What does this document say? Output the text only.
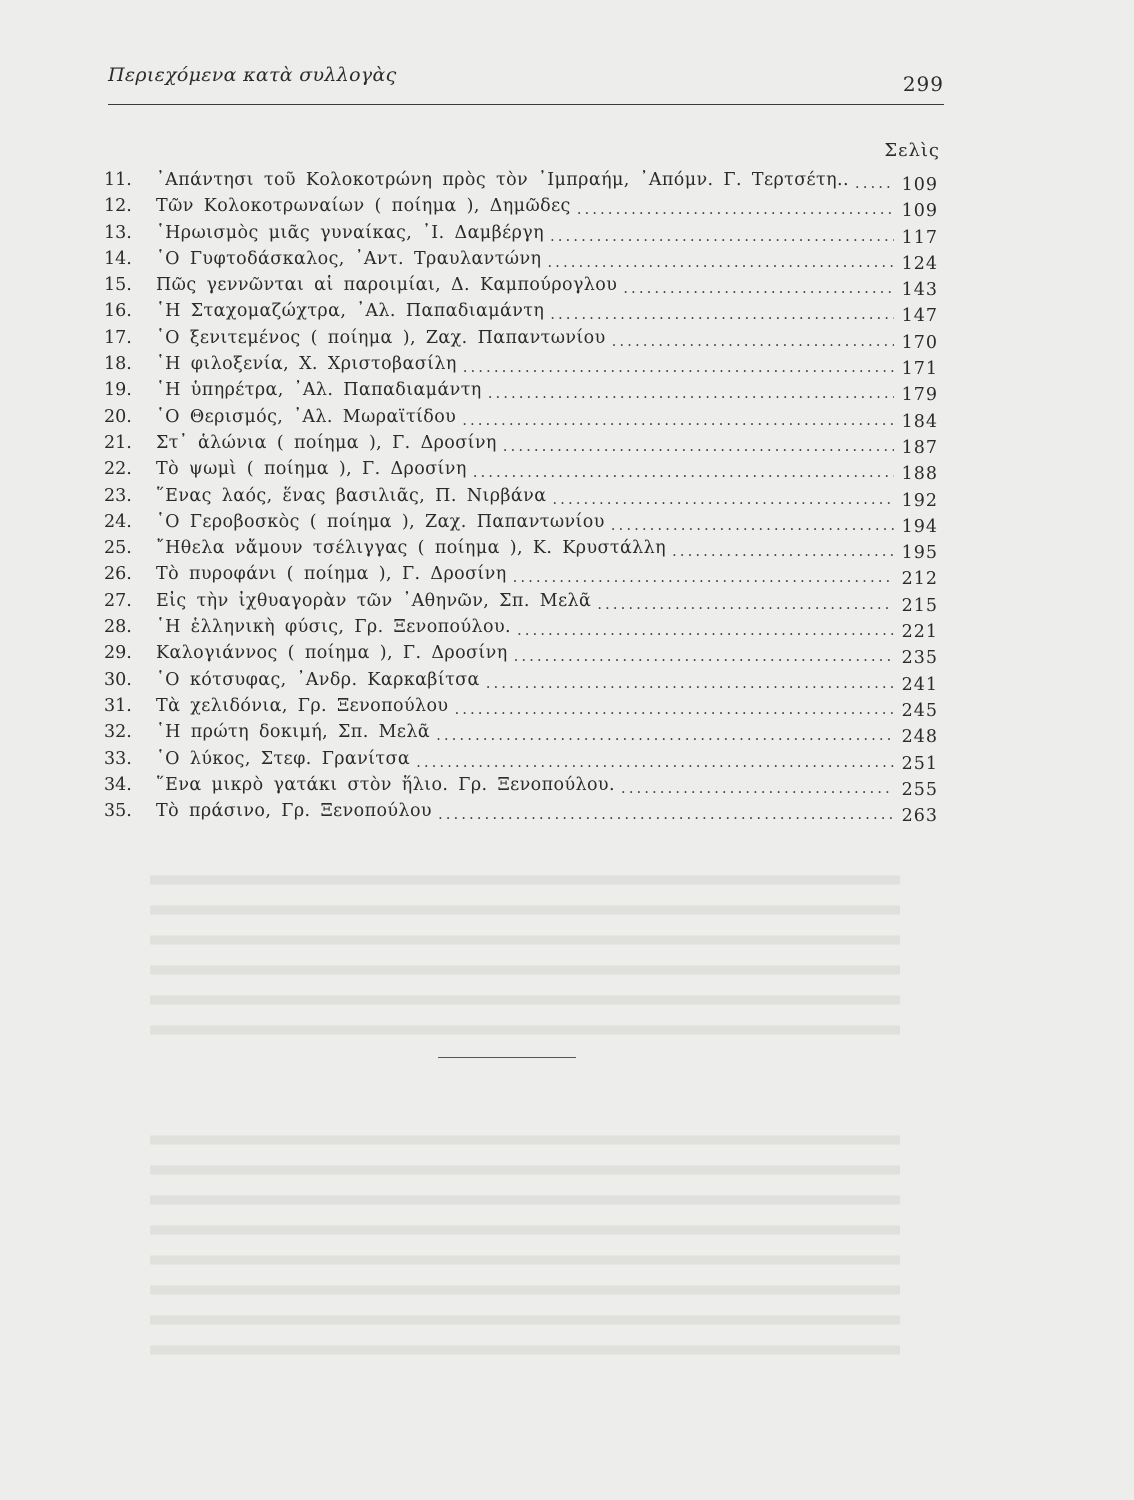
Περιεχόμενα κατὰ συλλογὰς	299
Σελὶς
11.	᾿Απάντησι τοῦ Κολοκοτρώνη πρὸς τὸν ᾿Ιμπραήμ, ᾿Απόμν. Γ. Τερτσέτη.. .....	109
12.	Τῶν Κολοκοτρωναίων ( ποίημα ), Δημῶδες .....	109
13.	῾Ηρωισμὸς μιᾶς γυναίκας, ᾿Ι. Δαμβέργη .....	117
14.	῾Ο Γυφτοδάσκαλος, ᾿Αντ. Τραυλαντώνη .....	124
15.	Πῶς γεννῶνται αἱ παροιμίαι, Δ. Καμπούρογλου .....	143
16.	῾Η Σταχομαζώχτρα, ᾿Αλ. Παπαδιαμάντη .....	147
17.	῾Ο ξενιτεμένος ( ποίημα ), Ζαχ. Παπαντωνίου .....	170
18.	῾Η φιλοξενία, Χ. Χριστοβασίλη .....	171
19.	῾Η ὑπηρέτρα, ᾿Αλ. Παπαδιαμάντη .....	179
20.	῾Ο Θερισμός, ᾿Αλ. Μωραϊτίδου .....	184
21.	Στ᾿ ἁλώνια ( ποίημα ), Γ. Δροσίνη .....	187
22.	Τὸ ψωμὶ ( ποίημα ), Γ. Δροσίνη .....	188
23.	῞Ενας λαός, ἕνας βασιλιᾶς, Π. Νιρβάνα .....	192
24.	῾Ο Γεροβοσκὸς ( ποίημα ), Ζαχ. Παπαντωνίου .....	194
25.	῎Ηθελα νἄμουν τσέλιγγας ( ποίημα ), Κ. Κρυστάλλη .....	195
26.	Τὸ πυροφάνι ( ποίημα ), Γ. Δροσίνη .....	212
27.	Εἰς τὴν ἰχθυαγορὰν τῶν ᾿Αθηνῶν, Σπ. Μελᾶ .....	215
28.	῾Η ἑλληνικὴ φύσις, Γρ. Ξενοπούλου. .....	221
29.	Καλογιάννος ( ποίημα ), Γ. Δροσίνη .....	235
30.	῾Ο κότσυφας, ᾿Ανδρ. Καρκαβίτσα .....	241
31.	Τὰ χελιδόνια, Γρ. Ξενοπούλου .....	245
32.	῾Η πρώτη δοκιμή, Σπ. Μελᾶ .....	248
33.	῾Ο λύκος, Στεφ. Γρανίτσα .....	251
34.	῞Ενα μικρὸ γατάκι στὸν ἥλιο. Γρ. Ξενοπούλου. .....	255
35.	Τὸ πράσινο, Γρ. Ξενοπούλου .....	263
